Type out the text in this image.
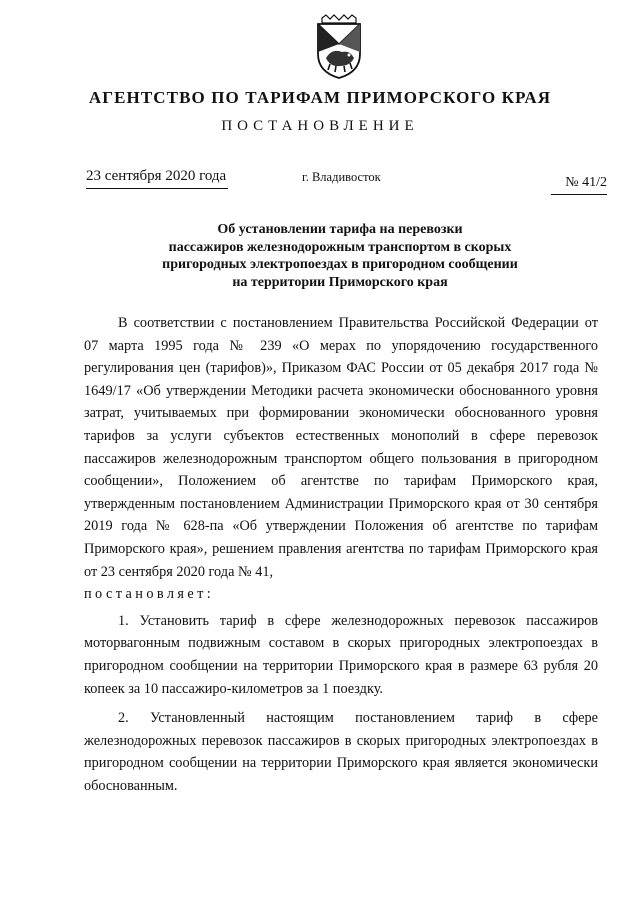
АГЕНТСТВО ПО ТАРИФАМ ПРИМОРСКОГО КРАЯ
ПОСТАНОВЛЕНИЕ
23 сентября 2020 года	г. Владивосток	№ 41/2
Об установлении тарифа на перевозки
пассажиров железнодорожным транспортом в скорых
пригородных электропоездах в пригородном сообщении
на территории Приморского края

В соответствии с постановлением Правительства Российской Федерации от 07 марта 1995 года № 239 «О мерах по упорядочению государственного регулирования цен (тарифов)», Приказом ФАС России от 05 декабря 2017 года № 1649/17 «Об утверждении Методики расчета экономически обоснованного уровня затрат, учитываемых при формировании экономически обоснованного уровня тарифов за услуги субъектов естественных монополий в сфере перевозок пассажиров железнодорожным транспортом общего пользования в пригородном сообщении», Положением об агентстве по тарифам Приморского края, утвержденным постановлением Администрации Приморского края от 30 сентября 2019 года № 628-па «Об утверждении Положения об агентстве по тарифам Приморского края», решением правления агентства по тарифам Приморского края от 23 сентября 2020 года № 41,

постановляет:

1. Установить тариф в сфере железнодорожных перевозок пассажиров моторвагонным подвижным составом в скорых пригородных электропоездах в пригородном сообщении на территории Приморского края в размере 63 рубля 20 копеек за 10 пассажиро-километров за 1 поездку.

2. Установленный настоящим постановлением тариф в сфере железнодорожных перевозок пассажиров в скорых пригородных электропоездах в пригородном сообщении на территории Приморского края является экономически обоснованным.
